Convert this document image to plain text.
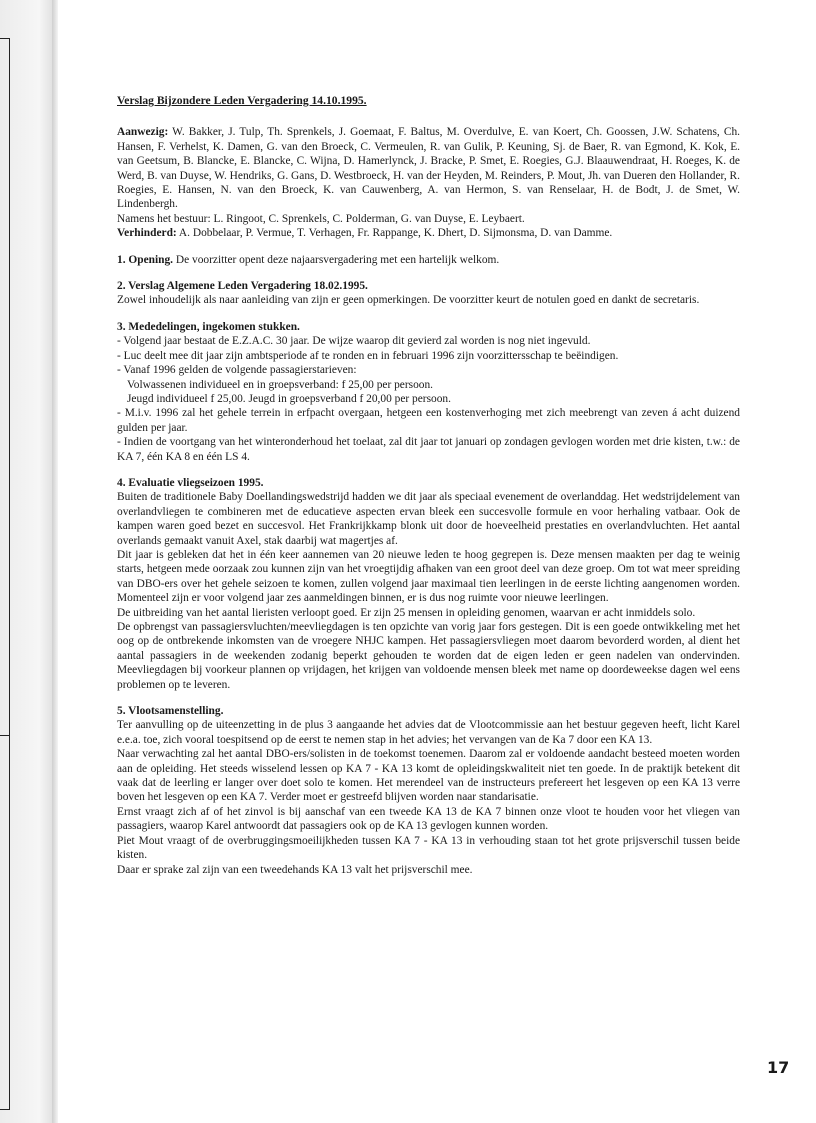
Verslag Bijzondere Leden Vergadering 14.10.1995.

Aanwezig: W. Bakker, J. Tulp, Th. Sprenkels, J. Goemaat, F. Baltus, M. Overdulve, E. van Koert, Ch. Goossen, J.W. Schatens, Ch. Hansen, F. Verhelst, K. Damen, G. van den Broeck, C. Vermeulen, R. van Gulik, P. Keuning, Sj. de Baer, R. van Egmond, K. Kok, E. van Geetsum, B. Blancke, E. Blancke, C. Wijna, D. Hamerlynck, J. Bracke, P. Smet, E. Roegies, G.J. Blaauwendraat, H. Roeges, K. de Werd, B. van Duyse, W. Hendriks, G. Gans, D. Westbroeck, H. van der Heyden, M. Reinders, P. Mout, Jh. van Dueren den Hollander, R. Roegies, E. Hansen, N. van den Broeck, K. van Cauwenberg, A. van Hermon, S. van Renselaar, H. de Bodt, J. de Smet, W. Lindenbergh.

Namens het bestuur: L. Ringoot, C. Sprenkels, C. Polderman, G. van Duyse, E. Leybaert.

Verhinderd: A. Dobbelaar, P. Vermue, T. Verhagen, Fr. Rappange, K. Dhert, D. Sijmonsma, D. van Damme.

1. Opening. De voorzitter opent deze najaarsvergadering met een hartelijk welkom.

2. Verslag Algemene Leden Vergadering 18.02.1995.

Zowel inhoudelijk als naar aanleiding van zijn er geen opmerkingen. De voorzitter keurt de notulen goed en dankt de secretaris.

3. Mededelingen, ingekomen stukken.

- Volgend jaar bestaat de E.Z.A.C. 30 jaar. De wijze waarop dit gevierd zal worden is nog niet ingevuld.

- Luc deelt mee dit jaar zijn ambtsperiode af te ronden en in februari 1996 zijn voorzittersschap te beëindigen.

- Vanaf 1996 gelden de volgende passagierstarieven:

Volwassenen individueel en in groepsverband: f 25,00 per persoon.

Jeugd individueel f 25,00. Jeugd in groepsverband f 20,00 per persoon.

- M.i.v. 1996 zal het gehele terrein in erfpacht overgaan, hetgeen een kostenverhoging met zich meebrengt van zeven á acht duizend gulden per jaar.

- Indien de voortgang van het winteronderhoud het toelaat, zal dit jaar tot januari op zondagen gevlogen worden met drie kisten, t.w.: de KA 7, één KA 8 en één LS 4.

4. Evaluatie vliegseizoen 1995.

Buiten de traditionele Baby Doellandingswedstrijd hadden we dit jaar als speciaal evenement de overlanddag. Het wedstrijdelement van overlandvliegen te combineren met de educatieve aspecten ervan bleek een succesvolle formule en voor herhaling vatbaar. Ook de kampen waren goed bezet en succesvol. Het Frankrijkkamp blonk uit door de hoeveelheid prestaties en overlandvluchten. Het aantal overlands gemaakt vanuit Axel, stak daarbij wat magertjes af.

Dit jaar is gebleken dat het in één keer aannemen van 20 nieuwe leden te hoog gegrepen is. Deze mensen maakten per dag te weinig starts, hetgeen mede oorzaak zou kunnen zijn van het vroegtijdig afhaken van een groot deel van deze groep. Om tot wat meer spreiding van DBO-ers over het gehele seizoen te komen, zullen volgend jaar maximaal tien leerlingen in de eerste lichting aangenomen worden. Momenteel zijn er voor volgend jaar zes aanmeldingen binnen, er is dus nog ruimte voor nieuwe leerlingen.

De uitbreiding van het aantal lieristen verloopt goed. Er zijn 25 mensen in opleiding genomen, waarvan er acht inmiddels solo.

De opbrengst van passagiersvluchten/meevliegdagen is ten opzichte van vorig jaar fors gestegen. Dit is een goede ontwikkeling met het oog op de ontbrekende inkomsten van de vroegere NHJC kampen. Het passagiersvliegen moet daarom bevorderd worden, al dient het aantal passagiers in de weekenden zodanig beperkt gehouden te worden dat de eigen leden er geen nadelen van ondervinden. Meevliegdagen bij voorkeur plannen op vrijdagen, het krijgen van voldoende mensen bleek met name op doordeweekse dagen wel eens problemen op te leveren.

5. Vlootsamenstelling.

Ter aanvulling op de uiteenzetting in de plus 3 aangaande het advies dat de Vlootcommissie aan het bestuur gegeven heeft, licht Karel e.e.a. toe, zich vooral toespitsend op de eerst te nemen stap in het advies; het vervangen van de Ka 7 door een KA 13.

Naar verwachting zal het aantal DBO-ers/solisten in de toekomst toenemen. Daarom zal er voldoende aandacht besteed moeten worden aan de opleiding. Het steeds wisselend lessen op KA 7 - KA 13 komt de opleidingskwaliteit niet ten goede. In de praktijk betekent dit vaak dat de leerling er langer over doet solo te komen. Het merendeel van de instructeurs prefereert het lesgeven op een KA 13 verre boven het lesgeven op een KA 7. Verder moet er gestreefd blijven worden naar standarisatie.

Ernst vraagt zich af of het zinvol is bij aanschaf van een tweede KA 13 de KA 7 binnen onze vloot te houden voor het vliegen van passagiers, waarop Karel antwoordt dat passagiers ook op de KA 13 gevlogen kunnen worden.

Piet Mout vraagt of de overbruggingsmoeilijkheden tussen KA 7 - KA 13 in verhouding staan tot het grote prijsverschil tussen beide kisten.

Daar er sprake zal zijn van een tweedehands KA 13 valt het prijsverschil mee.

17
